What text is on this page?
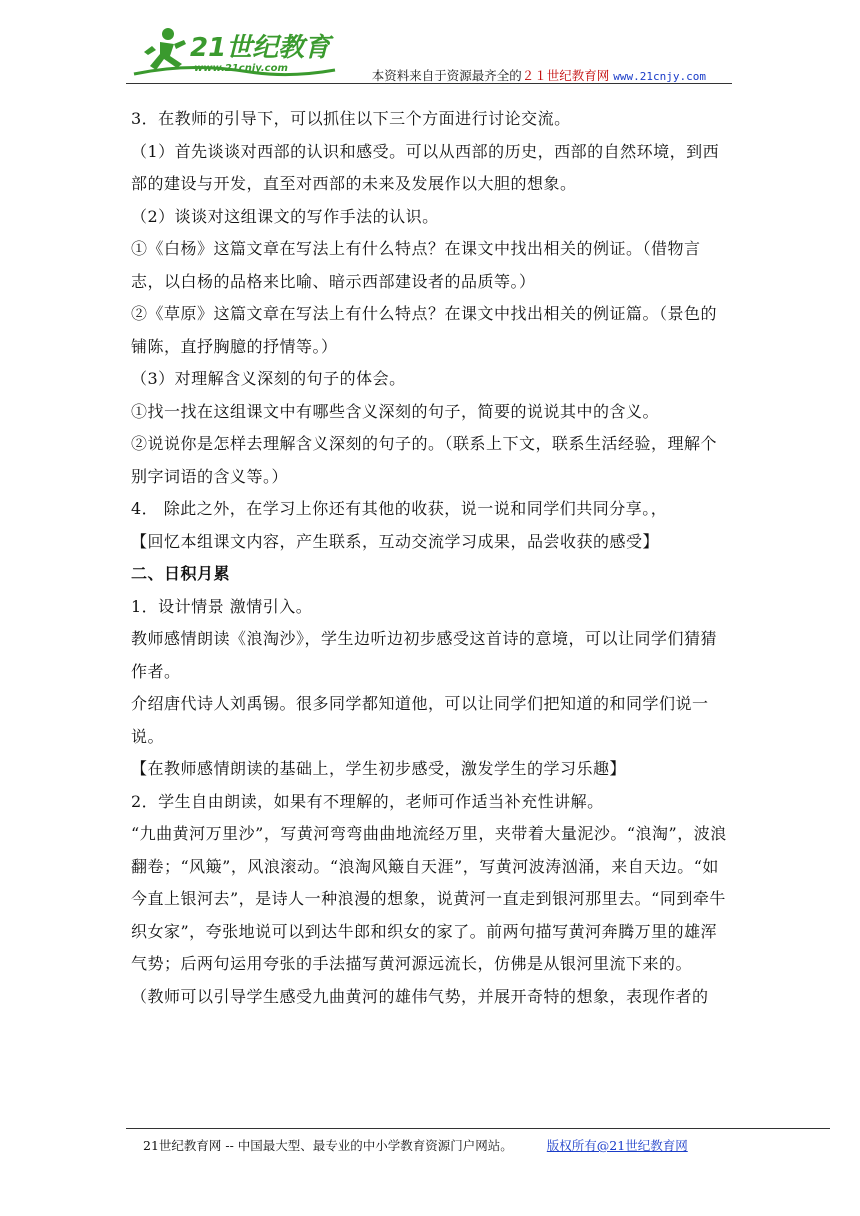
21世纪教育
www.21cnjy.com	本资料来自于资源最齐全的２１世纪教育网 www.21cnjy.com

3．在教师的引导下，可以抓住以下三个方面进行讨论交流。

（1）首先谈谈对西部的认识和感受。可以从西部的历史，西部的自然环境，到西部的建设与开发，直至对西部的未来及发展作以大胆的想象。

（2）谈谈对这组课文的写作手法的认识。

①《白杨》这篇文章在写法上有什么特点？在课文中找出相关的例证。（借物言志，以白杨的品格来比喻、暗示西部建设者的品质等。）

②《草原》这篇文章在写法上有什么特点？在课文中找出相关的例证篇。（景色的铺陈，直抒胸臆的抒情等。）

（3）对理解含义深刻的句子的体会。

①找一找在这组课文中有哪些含义深刻的句子，简要的说说其中的含义。

②说说你是怎样去理解含义深刻的句子的。（联系上下文，联系生活经验，理解个别字词语的含义等。）

4． 除此之外，在学习上你还有其他的收获，说一说和同学们共同分享。，

【回忆本组课文内容，产生联系，互动交流学习成果，品尝收获的感受】

二、日积月累

1．设计情景 激情引入。

教师感情朗读《浪淘沙》，学生边听边初步感受这首诗的意境，可以让同学们猜猜作者。

介绍唐代诗人刘禹锡。很多同学都知道他，可以让同学们把知道的和同学们说一说。

【在教师感情朗读的基础上，学生初步感受，激发学生的学习乐趣】

2．学生自由朗读，如果有不理解的，老师可作适当补充性讲解。

“九曲黄河万里沙”，写黄河弯弯曲曲地流经万里，夹带着大量泥沙。“浪淘”，波浪翻卷；“风簸”，风浪滚动。“浪淘风簸自天涯”，写黄河波涛汹涌，来自天边。“如今直上银河去”，是诗人一种浪漫的想象，说黄河一直走到银河那里去。“同到牵牛织女家”，夸张地说可以到达牛郎和织女的家了。前两句描写黄河奔腾万里的雄浑气势；后两句运用夸张的手法描写黄河源远流长，仿佛是从银河里流下来的。

（教师可以引导学生感受九曲黄河的雄伟气势，并展开奇特的想象，表现作者的

21世纪教育网 -- 中国最大型、最专业的中小学教育资源门户网站。	版权所有@21世纪教育网
